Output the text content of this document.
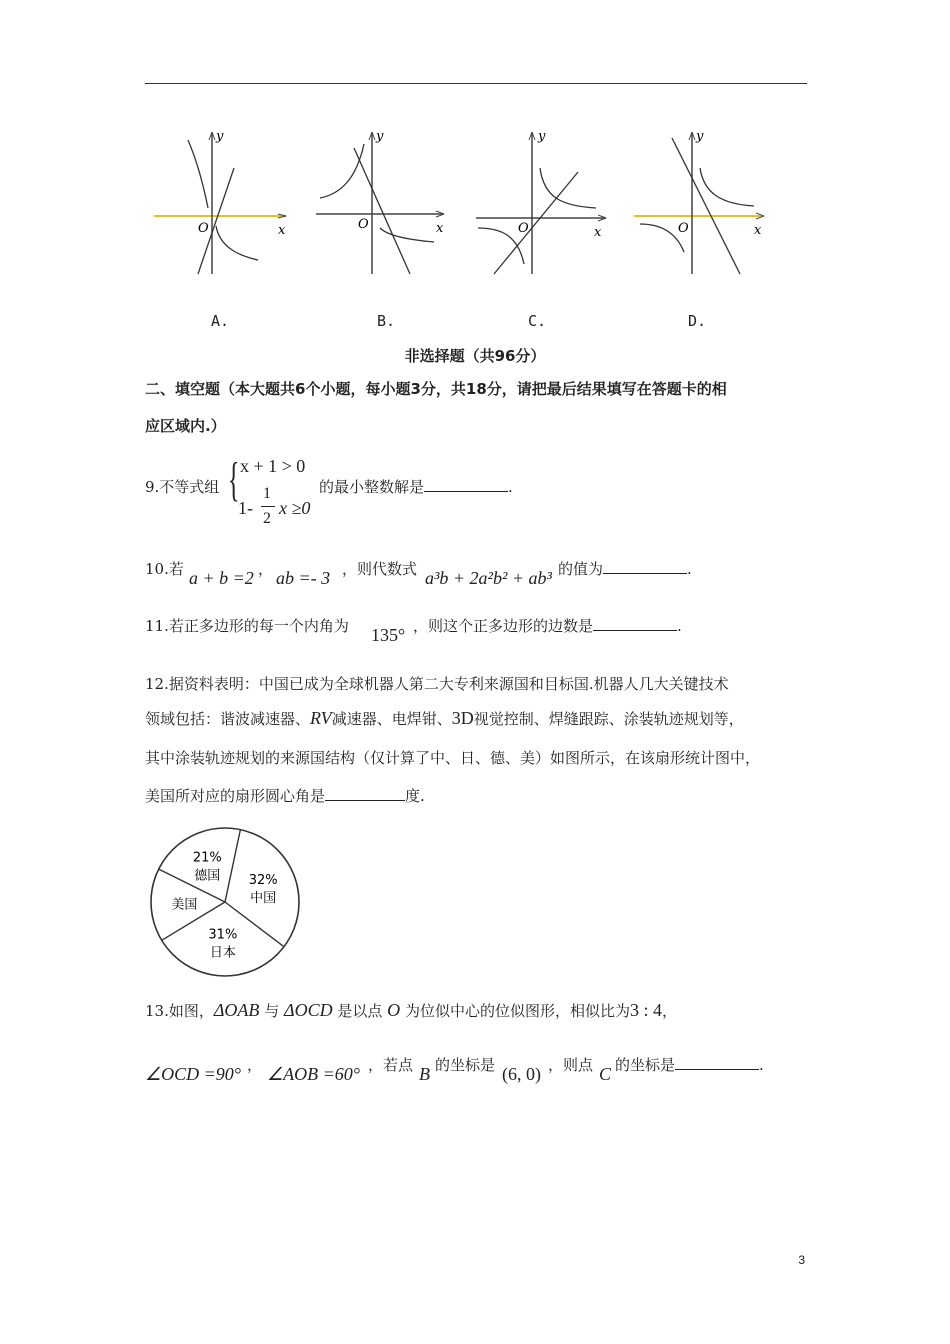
y
x
O
y
x
O
y
x
O
y
x
O
A.	B.	C.	D.
非选择题（共96分）
二、填空题（本大题共6个小题，每小题3分，共18分，请把最后结果填写在答题卡的相
应区域内.）
9.不等式组 { x + 1 > 0
1-
1
2
x ≥0
的最小整数解是	.
10.若 a + b =2 ， ab =- 3 ，则代数式 a³b + 2a²b² + ab³ 的值为	.
11.若正多边形的每一个内角为 135° ，则这个正多边形的边数是	.
12.据资料表明：中国已成为全球机器人第二大专利来源国和目标国.机器人几大关键技术
领域包括：谐波减速器、RV减速器、电焊钳、3D视觉控制、焊缝跟踪、涂装轨迹规划等，
其中涂装轨迹规划的来源国结构（仅计算了中、日、德、美）如图所示，在该扇形统计图中，
美国所对应的扇形圆心角是	度.
32%
中国
31%
日本
美国
21%
德国
13.如图，ΔOAB 与 ΔOCD 是以点 O 为位似中心的位似图形，相似比为3 : 4，
∠OCD =90° ， ∠AOB =60° ，若点 B 的坐标是 (6, 0) ，则点 C 的坐标是	.
3
